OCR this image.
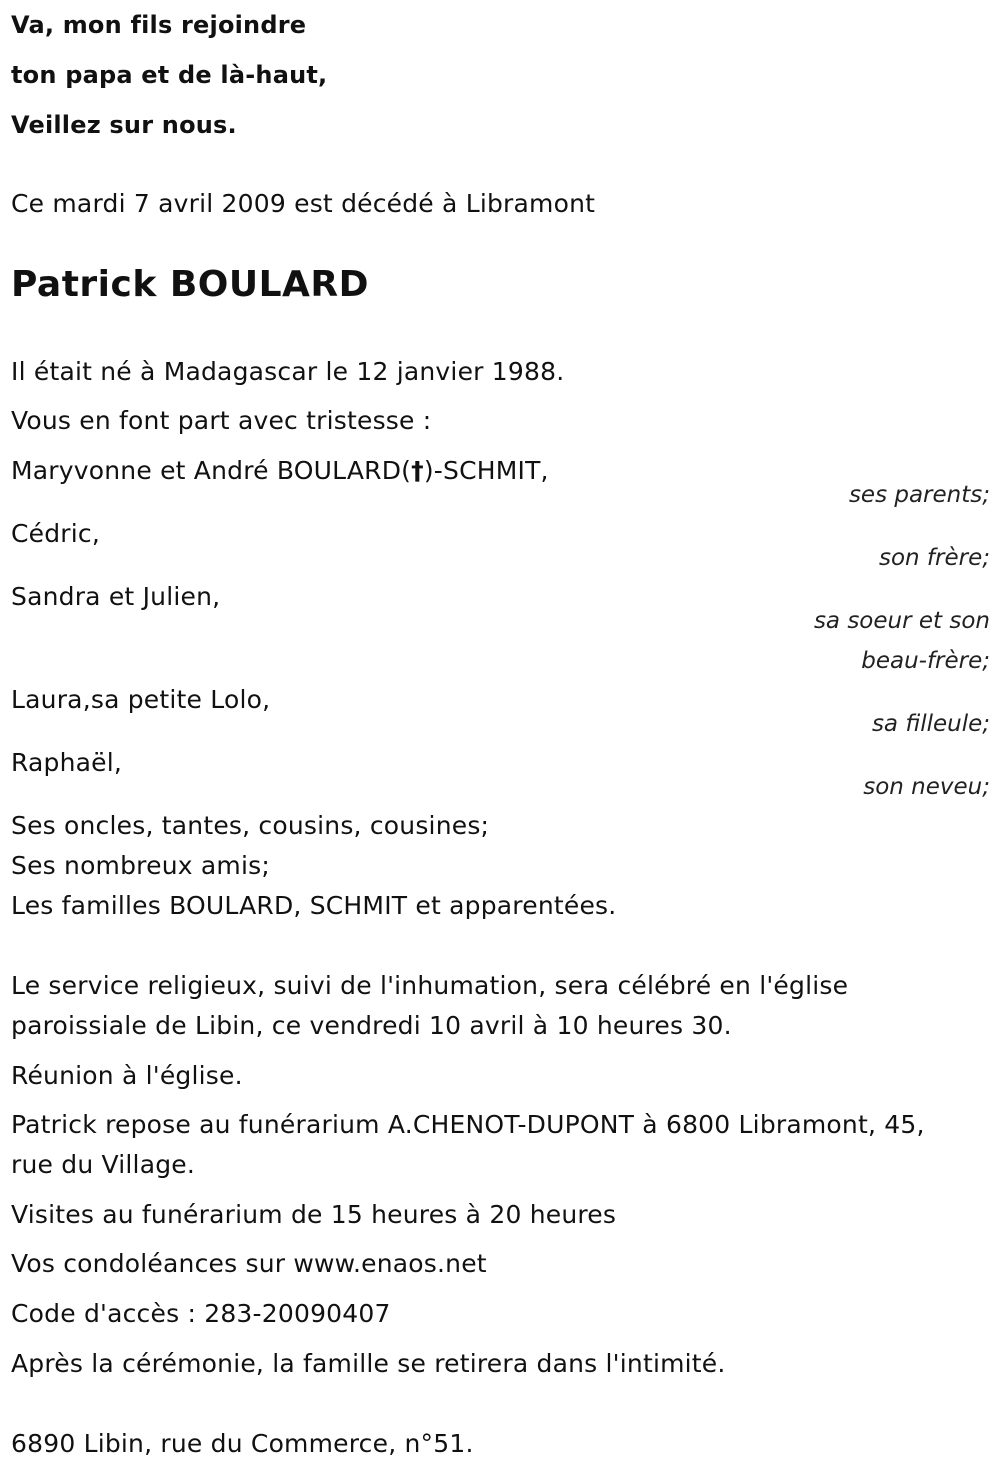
Va, mon fils rejoindre
ton papa et de là-haut,
Veillez sur nous.
Ce mardi 7 avril 2009 est décédé à Libramont
Patrick BOULARD
Il était né à Madagascar le 12 janvier 1988.
Vous en font part avec tristesse :
Maryvonne et André BOULARD(†)-SCHMIT,
ses parents;
Cédric,
son frère;
Sandra et Julien,
sa soeur et son
beau-frère;
Laura,sa petite Lolo,
sa filleule;
Raphaël,
son neveu;
Ses oncles, tantes, cousins, cousines;
Ses nombreux amis;
Les familles BOULARD, SCHMIT et apparentées.
Le service religieux, suivi de l'inhumation, sera célébré en l'église
paroissiale de Libin, ce vendredi 10 avril à 10 heures 30.
Réunion à l'église.
Patrick repose au funérarium A.CHENOT-DUPONT à 6800 Libramont, 45,
rue du Village.
Visites au funérarium de 15 heures à 20 heures
Vos condoléances sur www.enaos.net
Code d'accès : 283-20090407
Après la cérémonie, la famille se retirera dans l'intimité.
6890 Libin, rue du Commerce, n°51.
